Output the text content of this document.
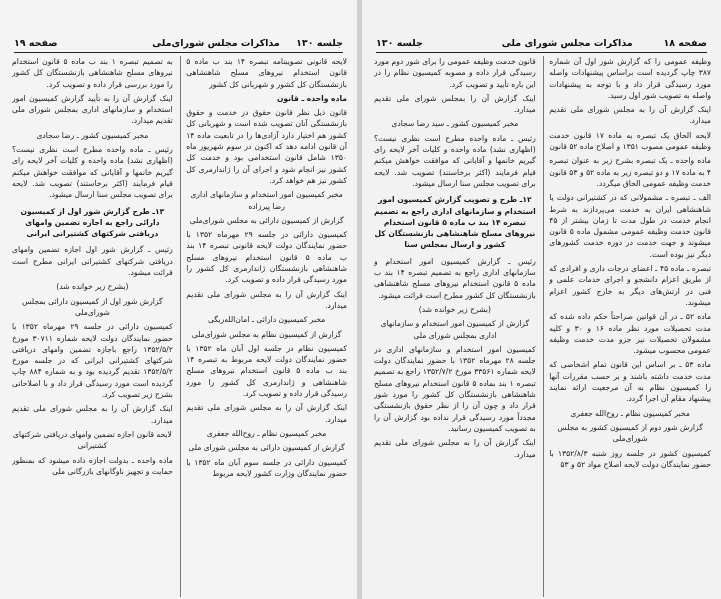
صفحه ۱۹	مذاکرات مجلس شورای‌ملی جلسه ۱۳۰

لایحه قانونی تصویبنامه تبصره ۱۴ بند ب ماده ۵ قانون استخدام نیروهای مسلح شاهنشاهی بازنشستگان کل کشور و شهربانی کل کشور

ماده واحده ـ قانون

قانون ذیل نظر قانون حقوق در خدمت و حقوق بازنشستگی آنان تصویب شده است و شهربانی کل کشور هم اختیار دارد آزادی‌ها را در تابعیت ماده ۱۴ آن قانون ادامه دهد که اکنون در سوم شهریور ماه ۱۳۵۰ شامل قانون استخدامی بود و خدمت کل کشور نیز انجام شود و اجرای آن را ژاندارمری کل کشور نیز هم خواهد کرد.

مخبر کمیسیون امور استخدام و سازمانهای اداری رضا پیرزاده

گزارش از کمیسیون دارائی به مجلس شورای‌ملی

کمیسیون دارائی در جلسه ۲۹ مهرماه ۱۳۵۲ با حضور نمایندگان دولت لایحه قانونی تبصره ۱۴ بند ب ماده ۵ قانون استخدام نیروهای مسلح شاهنشاهی بازنشستگان ژاندارمری کل کشور را مورد رسیدگی قرار داده و تصویب کرد.

اینک گزارش آن را به مجلس شورای ملی تقدیم میدارد.

مخبر کمیسیون دارائی ـ امان‌الله‌ریگی

گزارش از کمیسیون نظام به مجلس شورای‌ملی

کمیسیون نظام در جلسه اول آبان ماه ۱۳۵۲ با حضور نمایندگان دولت لایحه مربوط به تبصره ۱۴ بند ب ماده ۵ قانون استخدام نیروهای مسلح شاهنشاهی و ژاندارمری کل کشور را مورد رسیدگی قرار داده و تصویب کرد.

اینک گزارش آن را به مجلس شورای ملی تقدیم میدارد.

مخبر کمیسیون نظام ـ روح‌الله جعفری

گزارش از کمیسیون دارائی به مجلس شورای ملی

کمیسیون دارائی در جلسه سوم آبان ماه ۱۳۵۲ با حضور نمایندگان وزارت کشور لایحه مربوط

به تصمیم تبصره ۱ بند ب ماده ۵ قانون استخدام نیروهای مسلح شاهنشاهی بازنشستگان کل کشور را مورد بررسی قرار داده و تصویب کرد.

اینک گزارش آن را به تأیید گزارش کمیسیون امور استخدام و سازمانهای اداری بمجلس شورای ملی تقدیم میدارد.

مخبر کمیسیون کشور ـ رضا سجادی

رئیس ـ ماده واحده مطرح است نظری نیست؟ (اظهاری نشد) ماده واحده و کلیات آخر لایحه رای گیریم خانمها و آقایانی که موافقت خواهش میکنم قیام فرمایند (اکثر برخاستند) تصویب شد. لایحه برای تصویب مجلس سنا ارسال میشود.

۱۳ـ طرح گزارش شور اول از کمیسیون دارائی راجع به اجازه تضمین وامهای دریافتی شرکتهای کشتیرانی ایرانی

رئیس ـ گزارش شور اول اجازه تضمین وامهای دریافتی شرکتهای کشتیرانی ایرانی مطرح است قرائت میشود.

(بشرح زیر خوانده شد)

گزارش شور اول از کمیسیون دارائی بمجلس شورای‌ملی

کمیسیون دارائی در جلسه ۲۹ مهرماه ۱۳۵۲ با حضور نمایندگان دولت لایحه شماره ۳۰۷۱۱ مورخ ۱۳۵۲/۵/۲ راجع باجازه تضمین وامهای دریافتی شرکتهای کشتیرانی ایرانی که در جلسه مورخ ۱۳۵۲/۵/۲ تقدیم گردیده بود و به شماره ۸۸۴ چاپ گردیده است مورد رسیدگی قرار داد و با اصلاحاتی بشرح زیر تصویب کرد.

اینک گزارش آن را به مجلس شورای ملی تقدیم میدارد.

لایحه قانون اجازه تضمین وامهای دریافتی شرکتهای کشتیرانی

ماده واحده ـ بدولت اجازه داده میشود که بمنظور حمایت و تجهیز ناوگانهای بازرگانی ملی

جلسه ۱۳۰	مذاکرات مجلس شورای ملی	صفحه ۱۸

وظیفه عمومی را که گزارش شور اول آن شماره ۳۸۷ چاپ گردیده است براساس پیشنهادات واصله مورد رسیدگی قرار داد و با توجه به پیشنهادات واصله به تصویب شور اول رسید.

اینک گزارش آن را به مجلس شورای ملی تقدیم میدارد.

لایحه الحاق یک تبصره به ماده ۱۷ قانون خدمت وظیفه عمومی مصوب ۱۳۵۱ و اصلاح ماده ۵۲ قانون

ماده واحده ـ یک تبصره بشرح زیر به عنوان تبصره ۴ به ماده ۱۷ و دو تبصره زیر به ماده ۵۲ و ۵۳ قانون خدمت وظیفه عمومی الحاق میگردد.

الف ـ تبصره ـ مشمولانی که در کشتیرانی دولت یا شاهنشاهی ایران به خدمت می‌پردازند به شرط انجام خدمت در طول مدت تا زمان بیشتر از ۴۵ قانون خدمت وظیفه عمومی مشمول ماده ۵ قانون میشوند و جهت خدمت در دوره خدمت کشورهای دیگر نیز بوده است.

تبصره ـ ماده ۴۵ ـ اعضای درجات داری و افرادی که از طریق اعزام دانشجو و اجرای خدمات علمی و فنی در ارتش‌های دیگر به خارج کشور اعزام میشوند.

ماده ۵۲ ـ در آن قوانین صراحتاً حکم داده شده که مدت تحصیلات مورد نظر ماده ۱۶ و ۳۰ و کلیه مشمولان تحصیلات نیز جزو مدت خدمت وظیفه عمومی محسوب میشود.

ماده ۵۳ ـ بر اساس این قانون تمام اشخاصی که مدت خدمت داشته باشند و بر حسب مقررات آنها را کمیسیون نظام به آن مرجعیت ارائه نمایند پیشنهاد مقام آن اجرا گردد.

مخبر کمیسیون نظام ـ روح‌الله جعفری

گزارش شور دوم از کمیسیون کشور به مجلس شورای‌ملی

کمیسیون کشور در جلسه روز شنبه ۱۳۵۲/۸/۳ با حضور نمایندگان دولت لایحه اصلاح مواد ۵۲ و ۵۳

قانون خدمت وظیفه عمومی را برای شور دوم مورد رسیدگی قرار داده و مصوبه کمیسیون نظام را در این باره تأیید و تصویب کرد.

اینک گزارش آن را بمجلس شورای ملی تقدیم میدارد.

مخبر کمیسیون کشور ـ سید رضا سجادی

رئیس ـ ماده واحده مطرح است نظری نیست؟ (اظهاری نشد) ماده واحده و کلیات آخر لایحه رای گیریم خانمها و آقایانی که موافقت خواهش میکنم قیام فرمایند (اکثر برخاستند) تصویب شد. لایحه برای تصویب مجلس سنا ارسال میشود.

۱۲ـ طرح و تصویب گزارش کمیسیون امور استخدام و سازمانهای اداری راجع به تصمیم تبصره ۱۴ بند ب ماده ۵ قانون استخدام نیروهای مسلح شاهنشاهی بازنشستگان کل کشور و ارسال بمجلس سنا

رئیس ـ گزارش کمیسیون امور استخدام و سازمانهای اداری راجع به تصمیم تبصره ۱۴ بند ب ماده ۵ قانون استخدام نیروهای مسلح شاهنشاهی بازنشستگان کل کشور مطرح است قرائت میشود.

(بشرح زیر خوانده شد)

گزارش از کمیسیون امور استخدام و سازمانهای اداری بمجلس شورای ملی

کمیسیون امور استخدام و سازمانهای اداری در جلسه ۲۸ مهرماه ۱۳۵۲ با حضور نمایندگان دولت لایحه شماره ۳۳۵۶۱ مورخ ۱۳۵۲/۷/۲ راجع به تصمیم تبصره ۱ بند بماده ۵ قانون استخدام نیروهای مسلح شاهنشاهی بازنشستگان کل کشور را مورد شور قرار داد و چون آن را از نظر حقوق بازنشستگی مجدداً مورد رسیدگی قرار نداده بود گزارش آن را به تصویب کمیسیون رسانید.

اینک گزارش آن را به مجلس شورای ملی تقدیم میدارد.
